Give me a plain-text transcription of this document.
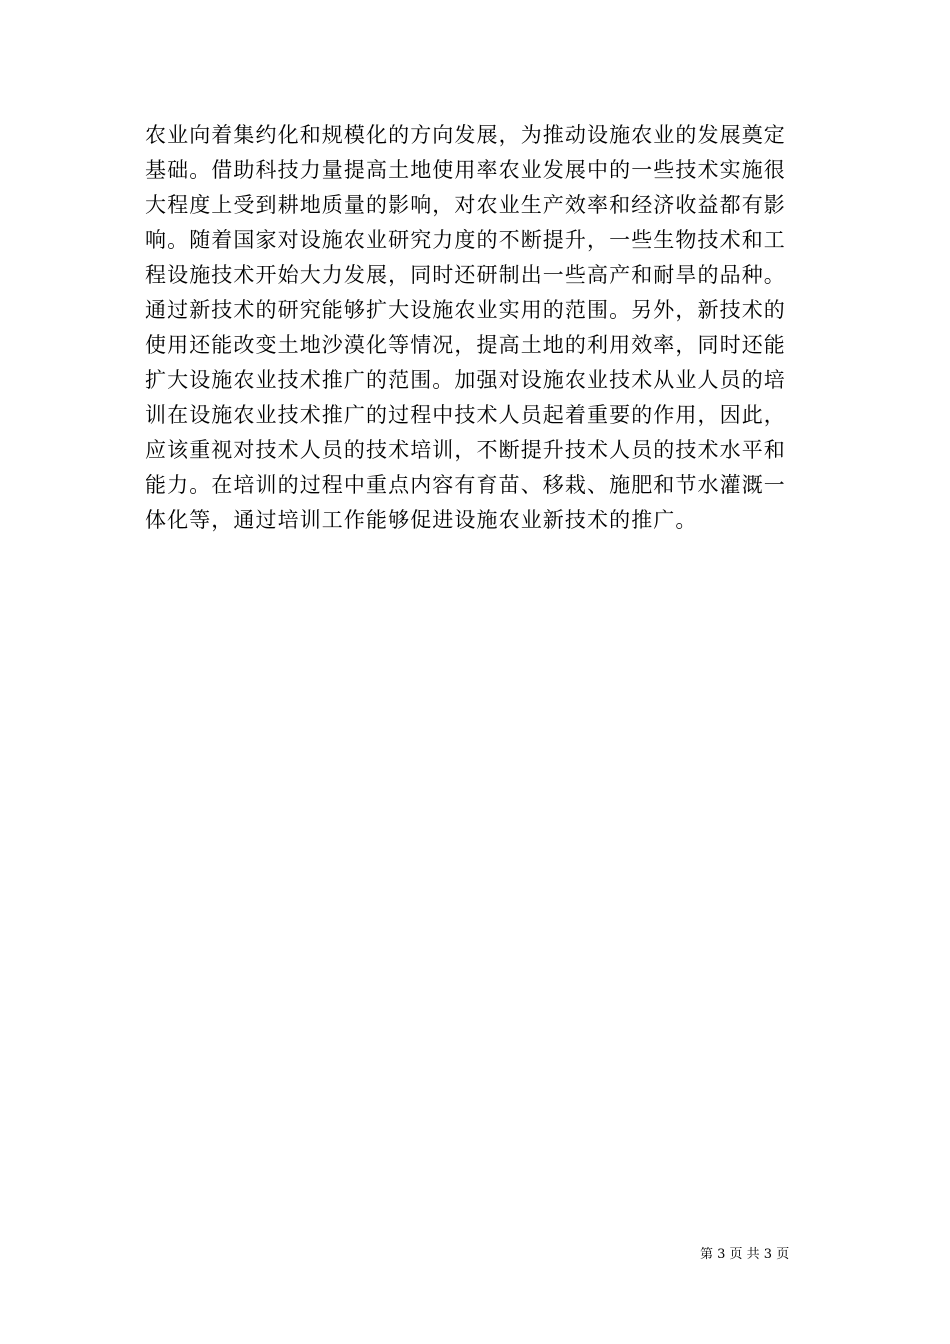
农业向着集约化和规模化的方向发展，为推动设施农业的发展奠定
基础。借助科技力量提高土地使用率农业发展中的一些技术实施很
大程度上受到耕地质量的影响，对农业生产效率和经济收益都有影
响。随着国家对设施农业研究力度的不断提升，一些生物技术和工
程设施技术开始大力发展，同时还研制出一些高产和耐旱的品种。
通过新技术的研究能够扩大设施农业实用的范围。另外，新技术的
使用还能改变土地沙漠化等情况，提高土地的利用效率，同时还能
扩大设施农业技术推广的范围。加强对设施农业技术从业人员的培
训在设施农业技术推广的过程中技术人员起着重要的作用，因此，
应该重视对技术人员的技术培训，不断提升技术人员的技术水平和
能力。在培训的过程中重点内容有育苗、移栽、施肥和节水灌溉一
体化等，通过培训工作能够促进设施农业新技术的推广。
第 3 页 共 3 页
